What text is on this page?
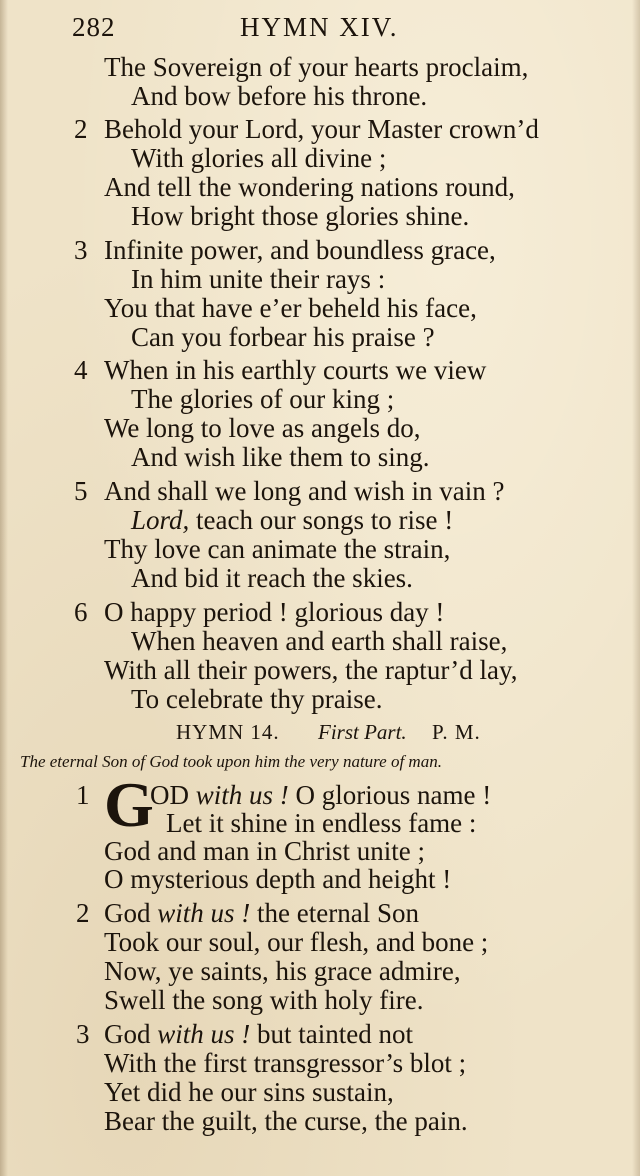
282	HYMN XIV.
The Sovereign of your hearts proclaim,
And bow before his throne.
2 Behold your Lord, your Master crown’d
With glories all divine ;
And tell the wondering nations round,
How bright those glories shine.
3 Infinite power, and boundless grace,
In him unite their rays :
You that have e’er beheld his face,
Can you forbear his praise ?
4 When in his earthly courts we view
The glories of our king ;
We long to love as angels do,
And wish like them to sing.
5 And shall we long and wish in vain ?
Lord, teach our songs to rise !
Thy love can animate the strain,
And bid it reach the skies.
6 O happy period ! glorious day !
When heaven and earth shall raise,
With all their powers, the raptur’d lay,
To celebrate thy praise.
HYMN 14. First Part. P. M.
The eternal Son of God took upon him the very nature of man.
1 G
OD with us ! O glorious name !
Let it shine in endless fame :
God and man in Christ unite ;
O mysterious depth and height !
2 God with us ! the eternal Son
Took our soul, our flesh, and bone ;
Now, ye saints, his grace admire,
Swell the song with holy fire.
3 God with us ! but tainted not
With the first transgressor’s blot ;
Yet did he our sins sustain,
Bear the guilt, the curse, the pain.
